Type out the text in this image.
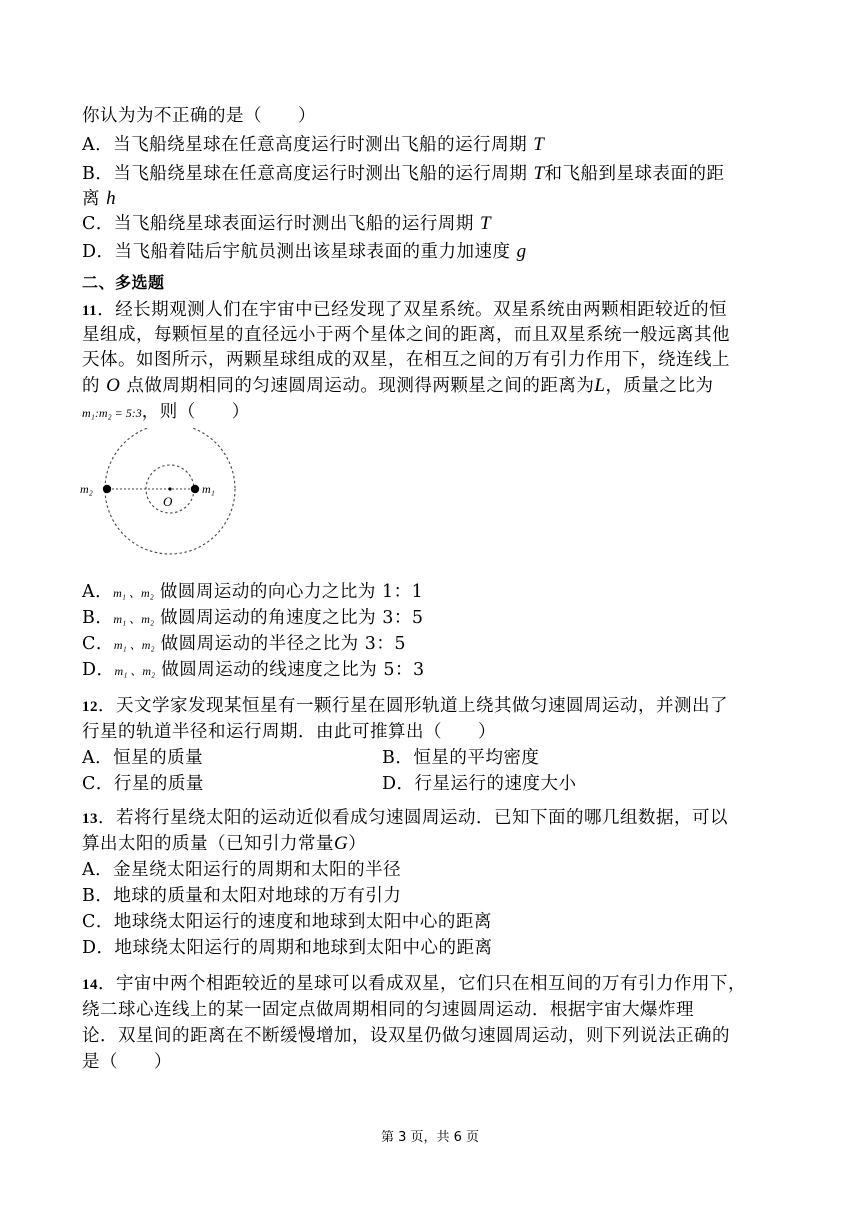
你认为为不正确的是（　　）
A．当飞船绕星球在任意高度运行时测出飞船的运行周期 T
B．当飞船绕星球在任意高度运行时测出飞船的运行周期 T和飞船到星球表面的距
离 h
C．当飞船绕星球表面运行时测出飞船的运行周期 T
D．当飞船着陆后宇航员测出该星球表面的重力加速度 g
二、多选题
11．经长期观测人们在宇宙中已经发现了双星系统。双星系统由两颗相距较近的恒
星组成，每颗恒星的直径远小于两个星体之间的距离，而且双星系统一般远离其他
天体。如图所示，两颗星球组成的双星，在相互之间的万有引力作用下，绕连线上
的 O 点做周期相同的匀速圆周运动。现测得两颗星之间的距离为L，质量之比为
m₁:m₂ = 5:3，则（　　）
m₂	m₁
O
A．m₁ 、m₂ 做圆周运动的向心力之比为 1：1
B．m₁ 、m₂ 做圆周运动的角速度之比为 3：5
C．m₁ 、m₂ 做圆周运动的半径之比为 3：5
D．m₁ 、m₂ 做圆周运动的线速度之比为 5：3
12．天文学家发现某恒星有一颗行星在圆形轨道上绕其做匀速圆周运动，并测出了
行星的轨道半径和运行周期．由此可推算出（　　）
A．恒星的质量	B．恒星的平均密度
C．行星的质量	D．行星运行的速度大小
13．若将行星绕太阳的运动近似看成匀速圆周运动．已知下面的哪几组数据，可以
算出太阳的质量（已知引力常量G）
A．金星绕太阳运行的周期和太阳的半径
B．地球的质量和太阳对地球的万有引力
C．地球绕太阳运行的速度和地球到太阳中心的距离
D．地球绕太阳运行的周期和地球到太阳中心的距离
14．宇宙中两个相距较近的星球可以看成双星，它们只在相互间的万有引力作用下，
绕二球心连线上的某一固定点做周期相同的匀速圆周运动．根据宇宙大爆炸理
论．双星间的距离在不断缓慢增加，设双星仍做匀速圆周运动，则下列说法正确的
是（　　）
第 3 页，共 6 页
